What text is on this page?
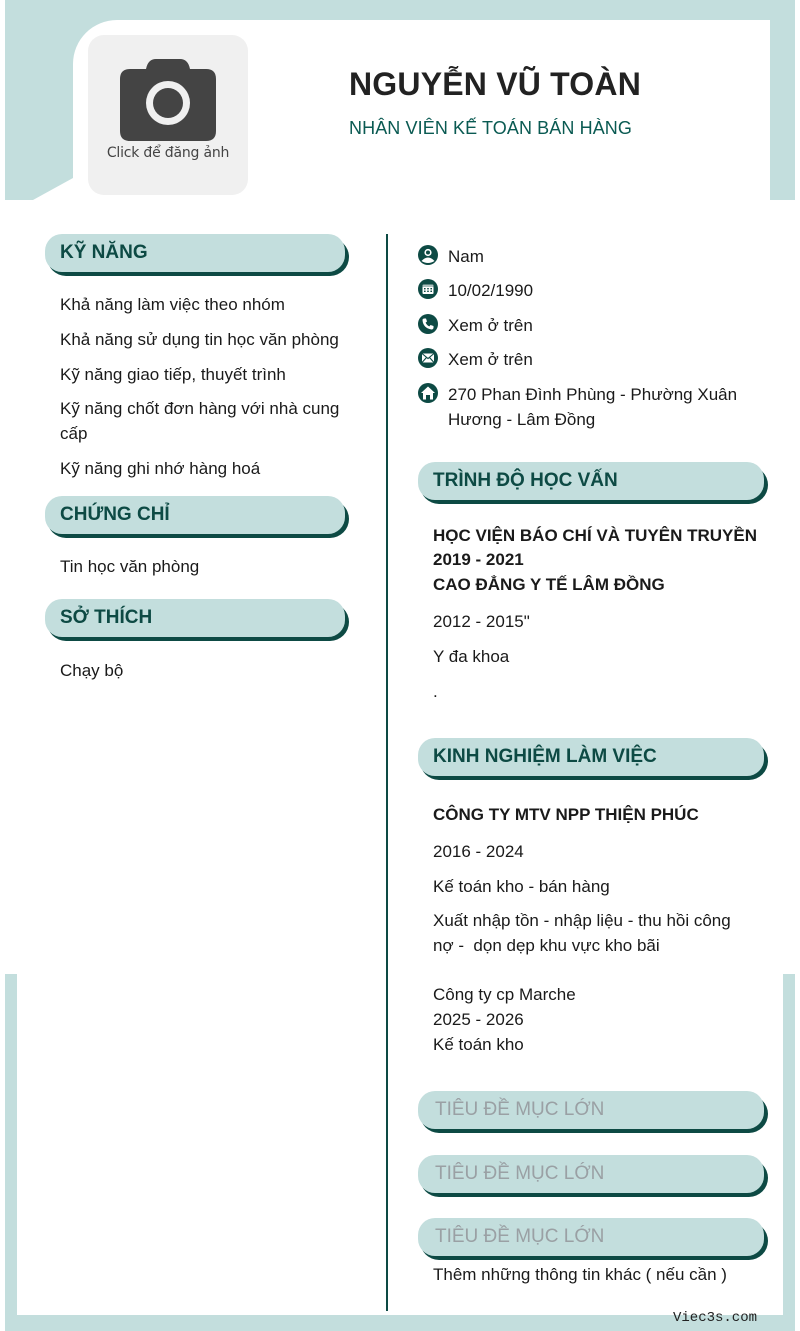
Click để đăng ảnh
NGUYỄN VŨ TOÀN
NHÂN VIÊN KẾ TOÁN BÁN HÀNG
KỸ NĂNG
Khả năng làm việc theo nhóm
Khả năng sử dụng tin học văn phòng
Kỹ năng giao tiếp, thuyết trình
Kỹ năng chốt đơn hàng với nhà cung
cấp
Kỹ năng ghi nhớ hàng hoá
CHỨNG CHỈ
Tin học văn phòng
SỞ THÍCH
Chạy bộ
Nam
10/02/1990
Xem ở trên
Xem ở trên
270 Phan Đình Phùng - Phường Xuân
Hương - Lâm Đồng
TRÌNH ĐỘ HỌC VẤN
HỌC VIỆN BÁO CHÍ VÀ TUYÊN TRUYỀN
2019 - 2021
CAO ĐẲNG Y TẾ LÂM ĐỒNG
2012 - 2015"
Y đa khoa
.
KINH NGHIỆM LÀM VIỆC
CÔNG TY MTV NPP THIỆN PHÚC
2016 - 2024
Kế toán kho - bán hàng
Xuất nhập tồn - nhập liệu - thu hồi công
nợ -  dọn dẹp khu vực kho bãi
Công ty cp Marche
2025 - 2026
Kế toán kho
TIÊU ĐỀ MỤC LỚN
TIÊU ĐỀ MỤC LỚN
TIÊU ĐỀ MỤC LỚN
Thêm những thông tin khác ( nếu cần )
Viec3s.com
